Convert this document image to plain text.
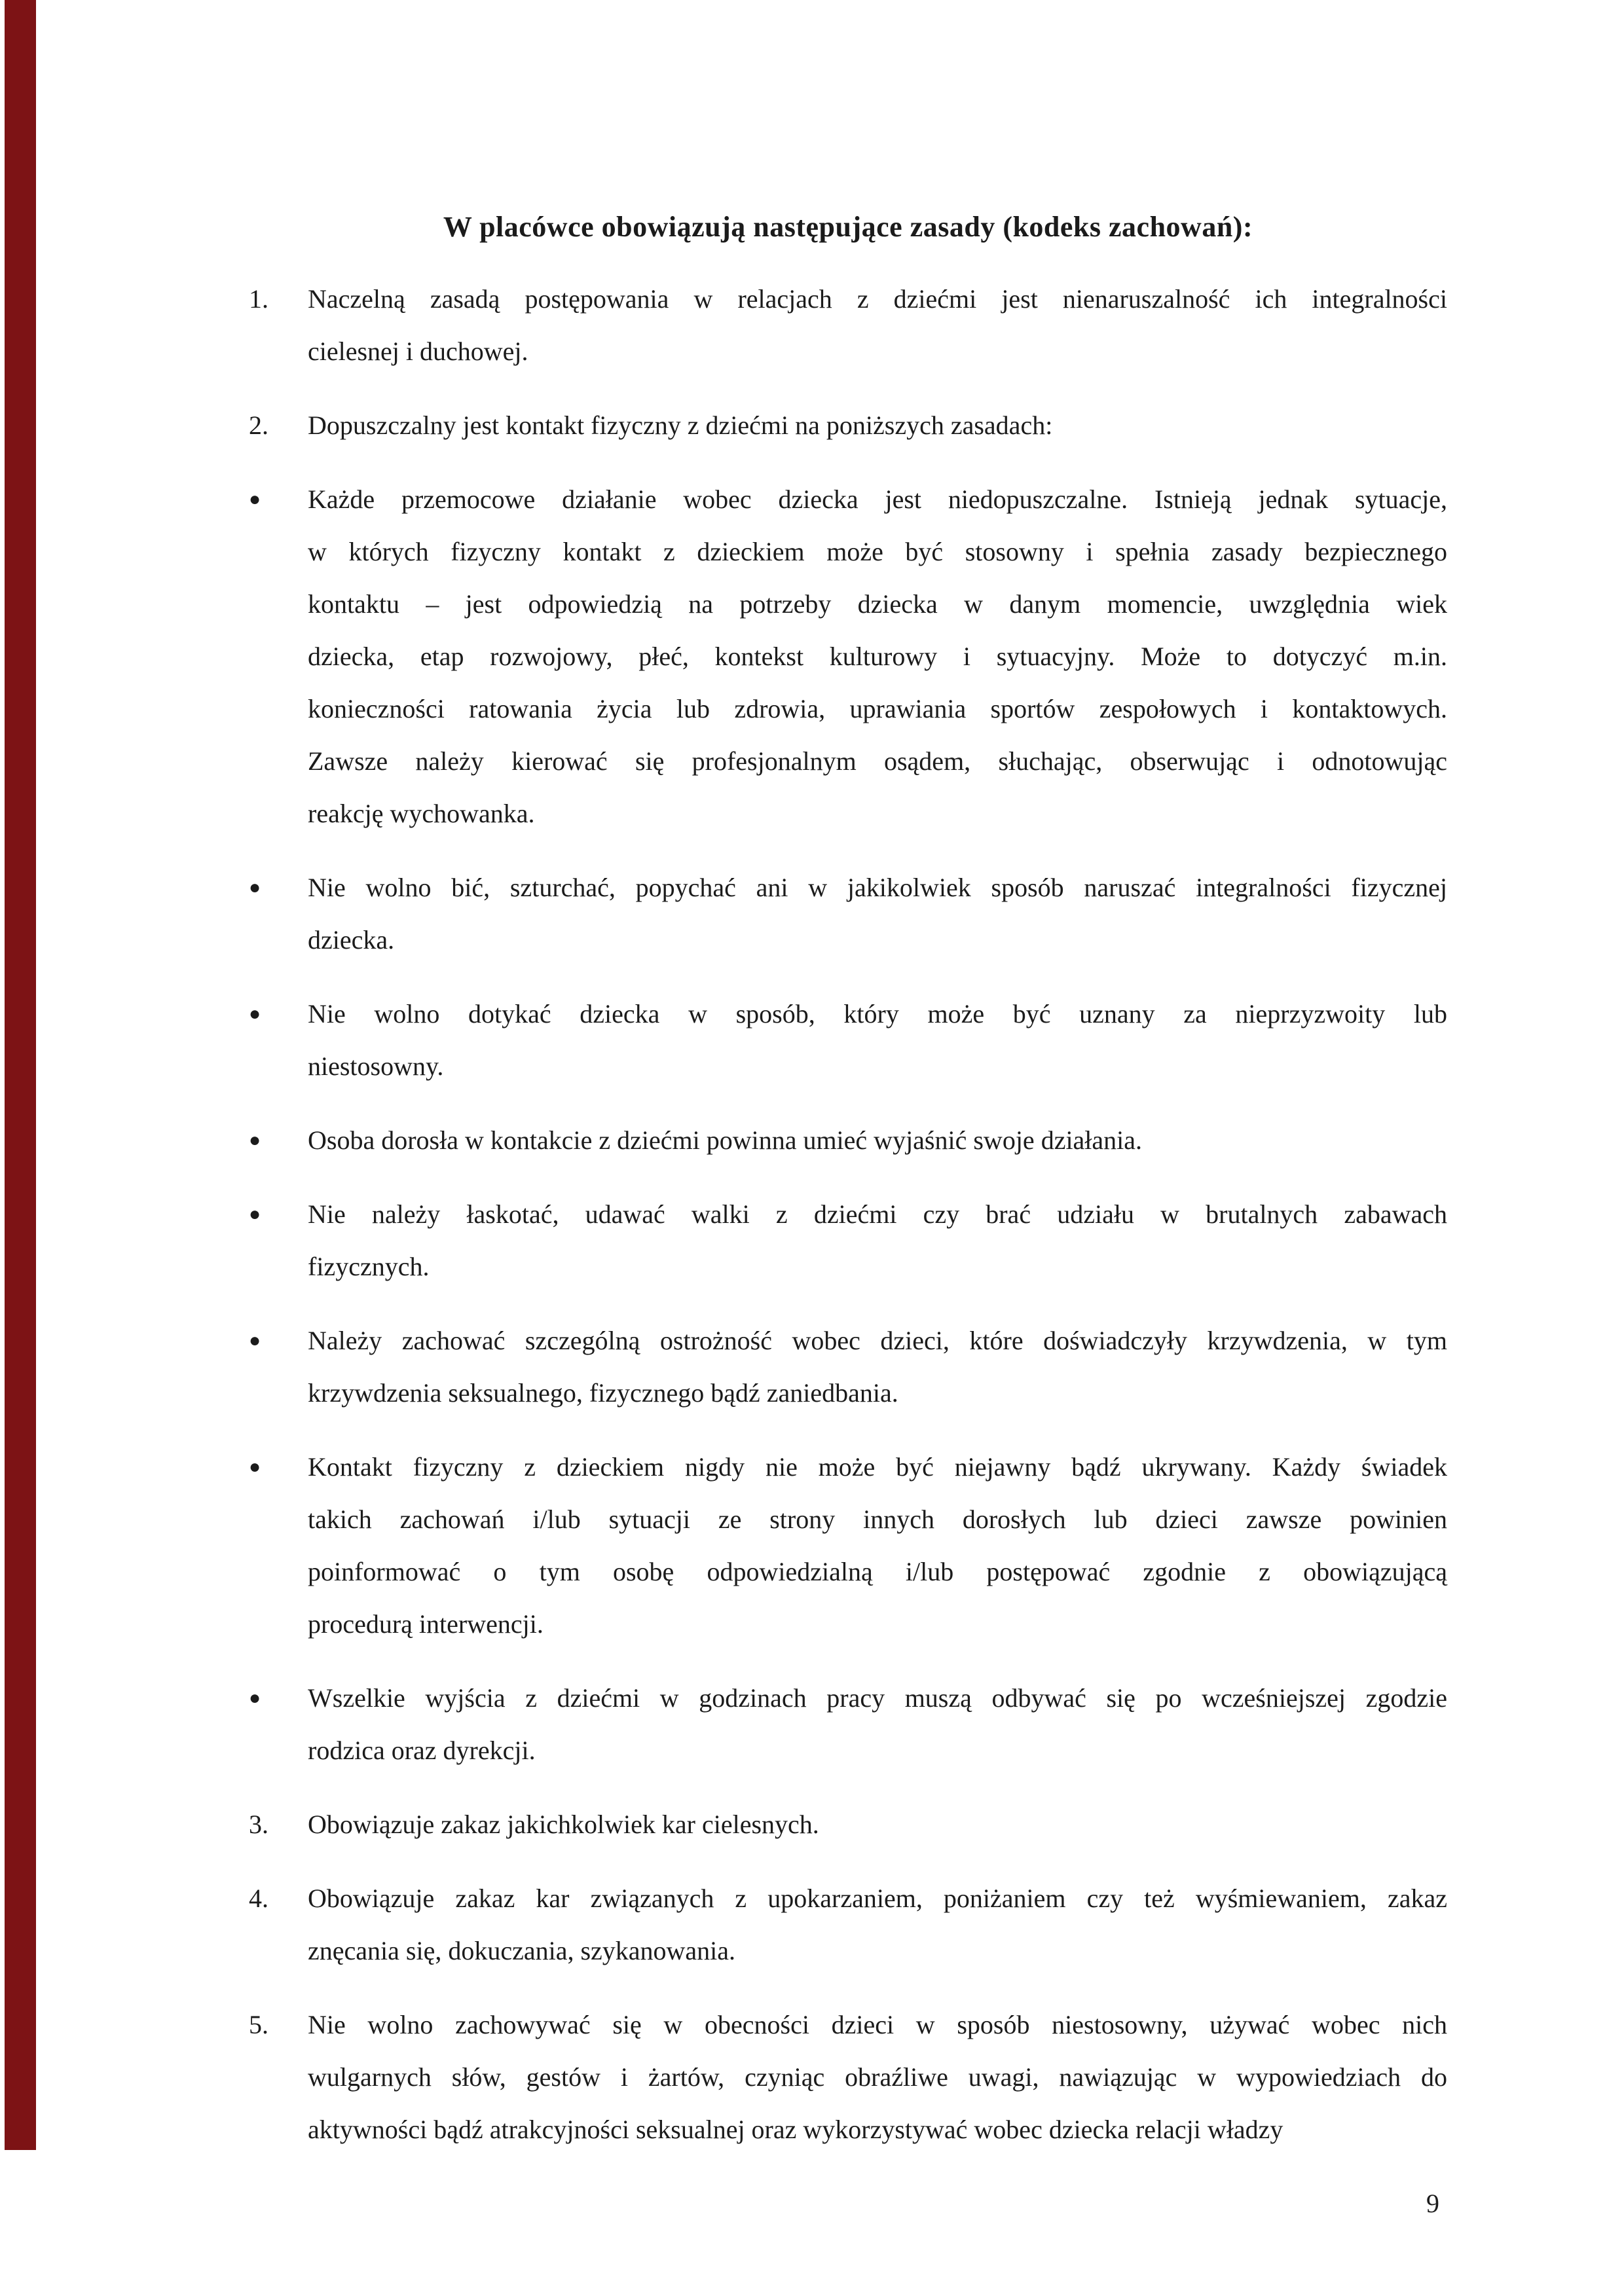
W placówce obowiązują następujące zasady (kodeks zachowań):
1.	Naczelną zasadą postępowania w relacjach z dziećmi jest nienaruszalność ich integralności
cielesnej i duchowej.
2.	Dopuszczalny jest kontakt fizyczny z dziećmi na poniższych zasadach:
●	Każde przemocowe działanie wobec dziecka jest niedopuszczalne. Istnieją jednak sytuacje,
w których fizyczny kontakt z dzieckiem może być stosowny i spełnia zasady bezpiecznego
kontaktu – jest odpowiedzią na potrzeby dziecka w danym momencie, uwzględnia wiek
dziecka, etap rozwojowy, płeć, kontekst kulturowy i sytuacyjny. Może to dotyczyć m.in.
konieczności ratowania życia lub zdrowia, uprawiania sportów zespołowych i kontaktowych.
Zawsze należy kierować się profesjonalnym osądem, słuchając, obserwując i odnotowując
reakcję wychowanka.
●	Nie wolno bić, szturchać, popychać ani w jakikolwiek sposób naruszać integralności fizycznej
dziecka.
●	Nie wolno dotykać dziecka w sposób, który może być uznany za nieprzyzwoity lub
niestosowny.
●	Osoba dorosła w kontakcie z dziećmi powinna umieć wyjaśnić swoje działania.
●	Nie należy łaskotać, udawać walki z dziećmi czy brać udziału w brutalnych zabawach
fizycznych.
●	Należy zachować szczególną ostrożność wobec dzieci, które doświadczyły krzywdzenia, w tym
krzywdzenia seksualnego, fizycznego bądź zaniedbania.
●	Kontakt fizyczny z dzieckiem nigdy nie może być niejawny bądź ukrywany. Każdy świadek
takich zachowań i/lub sytuacji ze strony innych dorosłych lub dzieci zawsze powinien
poinformować o tym osobę odpowiedzialną i/lub postępować zgodnie z obowiązującą
procedurą interwencji.
●	Wszelkie wyjścia z dziećmi w godzinach pracy muszą odbywać się po wcześniejszej zgodzie
rodzica oraz dyrekcji.
3.	Obowiązuje zakaz jakichkolwiek kar cielesnych.
4.	Obowiązuje zakaz kar związanych z upokarzaniem, poniżaniem czy też wyśmiewaniem, zakaz
znęcania się, dokuczania, szykanowania.
5.	Nie wolno zachowywać się w obecności dzieci w sposób niestosowny, używać wobec nich
wulgarnych słów, gestów i żartów, czyniąc obraźliwe uwagi, nawiązując w wypowiedziach do
aktywności bądź atrakcyjności seksualnej oraz wykorzystywać wobec dziecka relacji władzy
9
